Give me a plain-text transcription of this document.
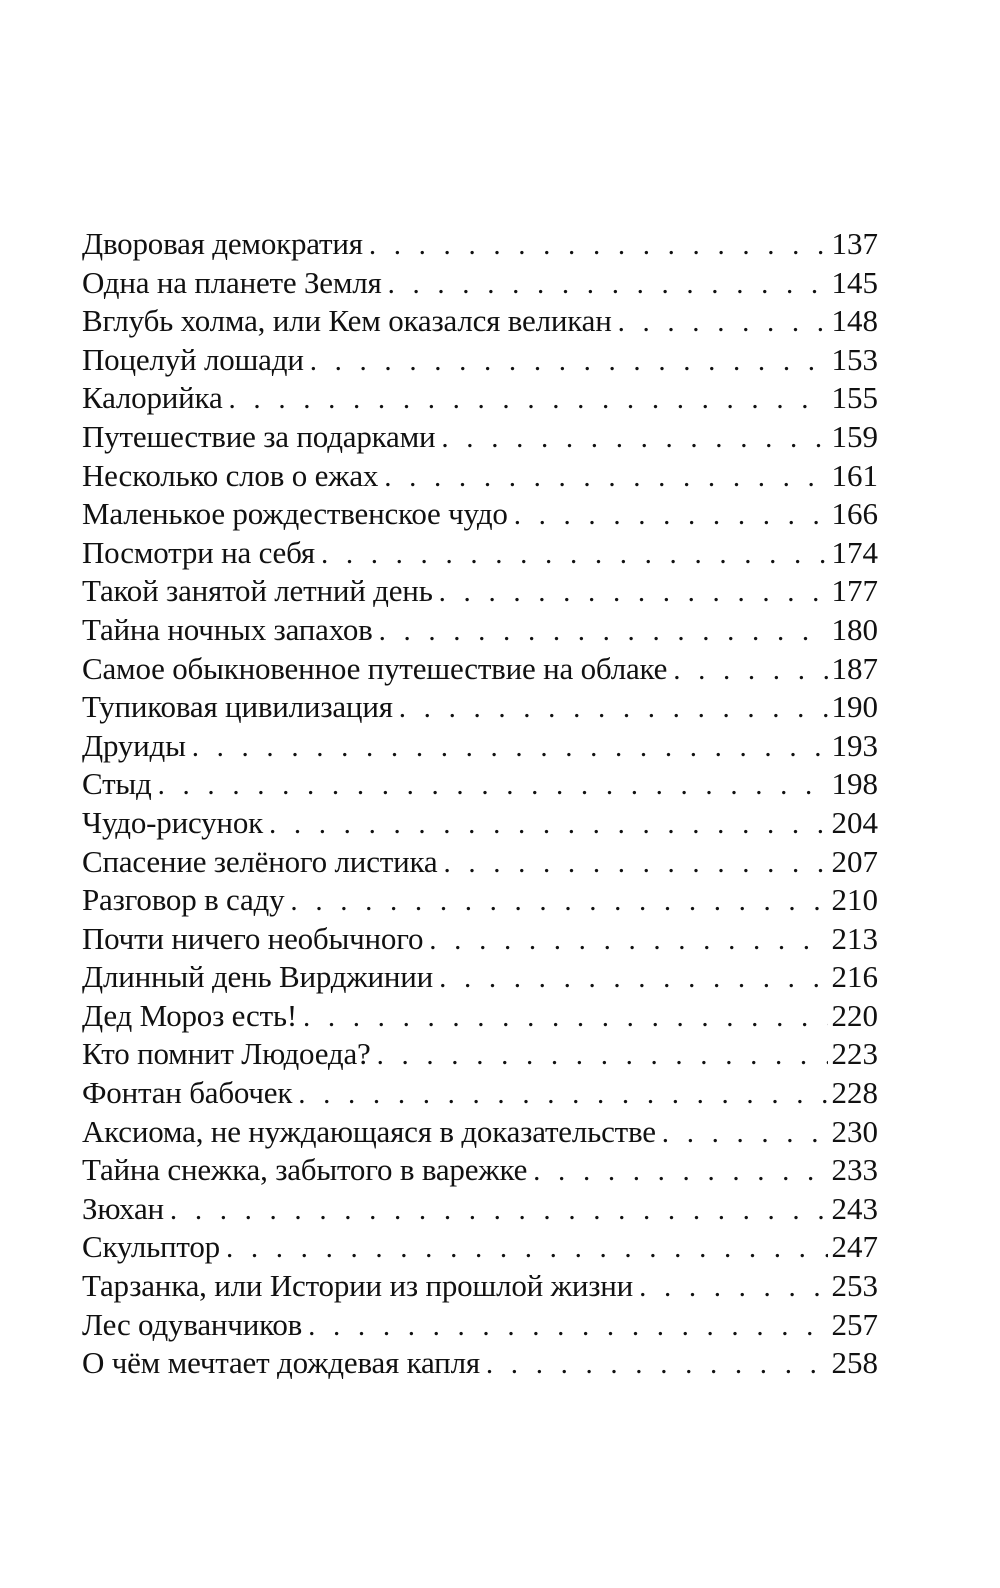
Дворовая демократия . . .	137
Одна на планете Земля . . .	145
Вглубь холма, или Кем оказался великан . . .	148
Поцелуй лошади . . .	153
Калорийка . . .	155
Путешествие за подарками . . .	159
Несколько слов о ежах . . .	161
Маленькое рождественское чудо . . .	166
Посмотри на себя . . .	174
Такой занятой летний день . . .	177
Тайна ночных запахов . . .	180
Самое обыкновенное путешествие на облаке . . .	187
Тупиковая цивилизация . . .	190
Друиды . . .	193
Стыд . . .	198
Чудо-рисунок . . .	204
Спасение зелёного листика . . .	207
Разговор в саду . . .	210
Почти ничего необычного . . .	213
Длинный день Вирджинии . . .	216
Дед Мороз есть! . . .	220
Кто помнит Людоеда? . . .	223
Фонтан бабочек . . .	228
Аксиома, не нуждающаяся в доказательстве . . .	230
Тайна снежка, забытого в варежке . . .	233
Зюхан . . .	243
Скульптор . . .	247
Тарзанка, или Истории из прошлой жизни . . .	253
Лес одуванчиков . . .	257
О чём мечтает дождевая капля . . .	258
